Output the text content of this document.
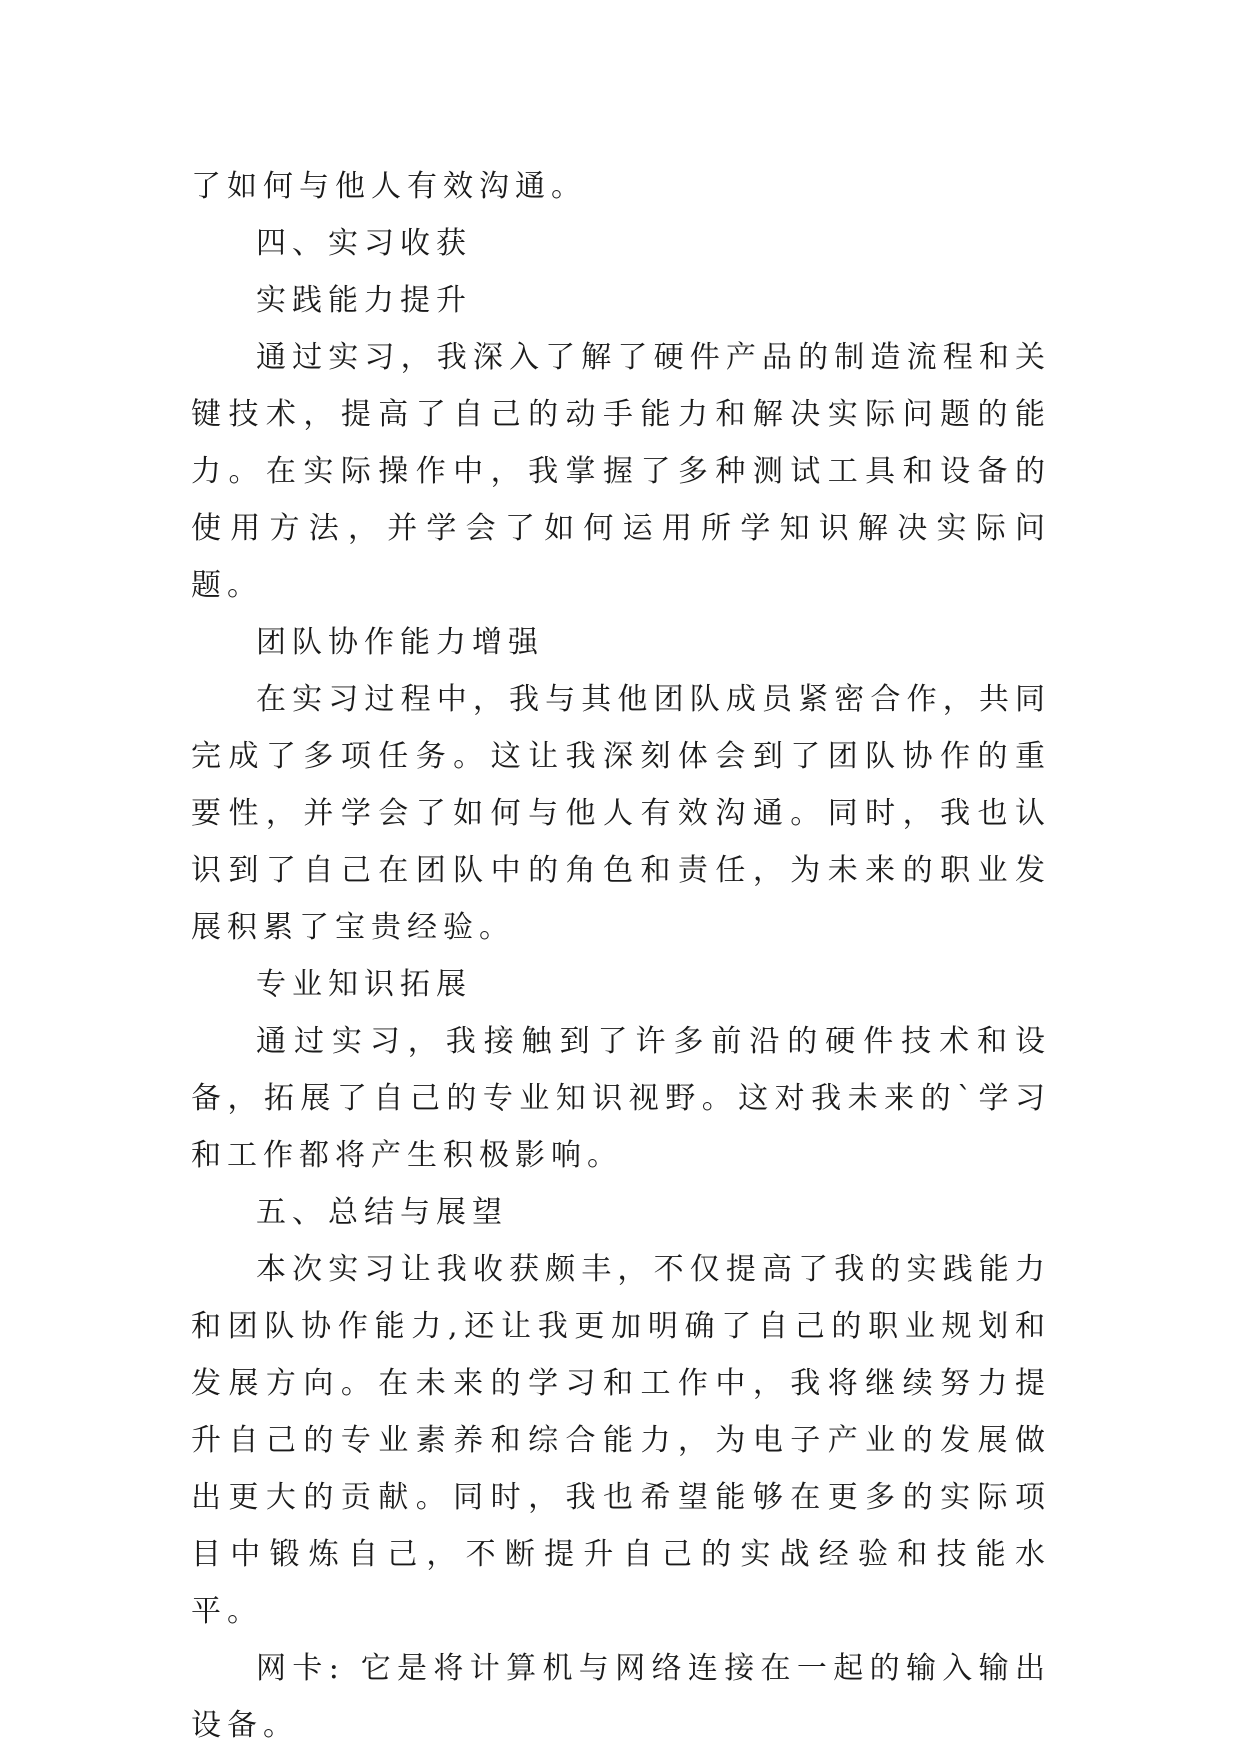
了如何与他人有效沟通。

四、实习收获

实践能力提升

通过实习，我深入了解了硬件产品的制造流程和关键技术，提高了自己的动手能力和解决实际问题的能力。在实际操作中，我掌握了多种测试工具和设备的使用方法，并学会了如何运用所学知识解决实际问题。

团队协作能力增强

在实习过程中，我与其他团队成员紧密合作，共同完成了多项任务。这让我深刻体会到了团队协作的重要性，并学会了如何与他人有效沟通。同时，我也认识到了自己在团队中的角色和责任，为未来的职业发展积累了宝贵经验。

专业知识拓展

通过实习，我接触到了许多前沿的硬件技术和设备，拓展了自己的专业知识视野。这对我未来的`学习和工作都将产生积极影响。

五、总结与展望

本次实习让我收获颇丰，不仅提高了我的实践能力和团队协作能力,还让我更加明确了自己的职业规划和发展方向。在未来的学习和工作中，我将继续努力提升自己的专业素养和综合能力，为电子产业的发展做出更大的贡献。同时，我也希望能够在更多的实际项目中锻炼自己，不断提升自己的实战经验和技能水平。

网卡: 它是将计算机与网络连接在一起的输入输出设备。
